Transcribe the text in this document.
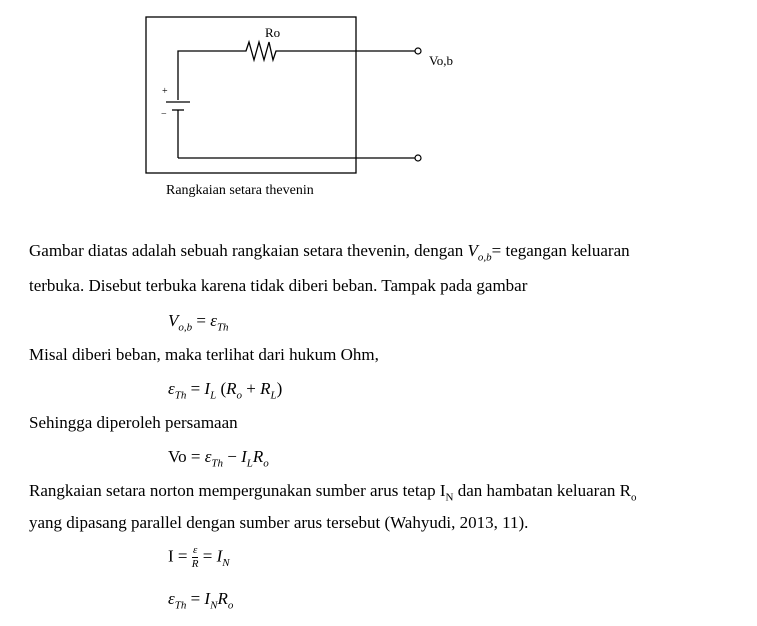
Ro
Vo,b
+
−
Rangkaian setara thevenin
Gambar diatas adalah sebuah rangkaian setara thevenin, dengan $V_{o,b}=$ tegangan keluaran
terbuka. Disebut terbuka karena tidak diberi beban. Tampak pada gambar
$V_{o,b} = \varepsilon_{Th}$
Misal diberi beban, maka terlihat dari hukum Ohm,
$\varepsilon_{Th} = I_L$ $(R_o + R_L)$
Sehingga diperoleh persamaan
$Vo = \varepsilon_{Th} - I_LR_o$
Rangkaian setara norton mempergunakan sumber arus tetap $I_N$ dan hambatan keluaran $R_o$
yang dipasang parallel dengan sumber arus tersebut (Wahyudi, 2013, 11).
$I = \frac{\varepsilon}{R} = I_N$
$\varepsilon_{Th} = I_NR_o$
